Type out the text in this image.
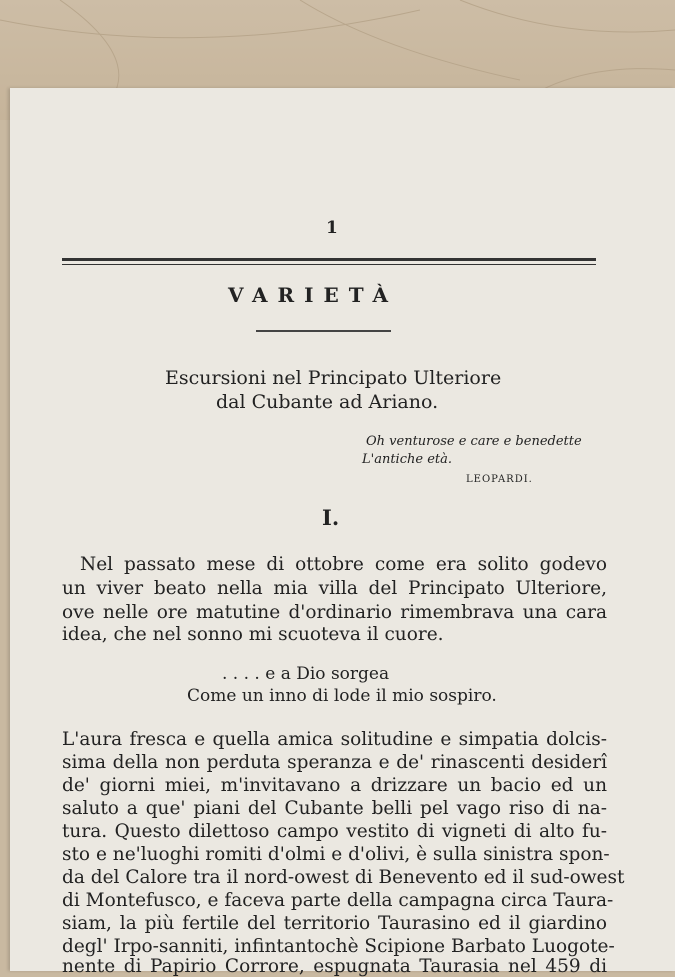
1
VARIETÀ
Escursioni nel Principato Ulteriore
dal Cubante ad Ariano.
Oh venturose e care e benedette
L'antiche età.
LEOPARDI.
I.
Nel passato mese di ottobre come era solito godevo
un viver beato nella mia villa del Principato Ulteriore,
ove nelle ore matutine d'ordinario rimembrava una cara
idea, che nel sonno mi scuoteva il cuore.
. . . . e a Dio sorgea
Come un inno di lode il mio sospiro.
L'aura fresca e quella amica solitudine e simpatia dolcis-
sima della non perduta speranza e de' rinascenti desiderî
de' giorni miei, m'invitavano a drizzare un bacio ed un
saluto a que' piani del Cubante belli pel vago riso di na-
tura. Questo dilettoso campo vestito di vigneti di alto fu-
sto e ne'luoghi romiti d'olmi e d'olivi, è sulla sinistra spon-
da del Calore tra il nord-owest di Benevento ed il sud-owest
di Montefusco, e faceva parte della campagna circa Taura-
siam, la più fertile del territorio Taurasino ed il giardino
degl' Irpo-sanniti, infintantochè Scipione Barbato Luogote-
nente di Papirio Corrore, espugnata Taurasia nel 459 di
